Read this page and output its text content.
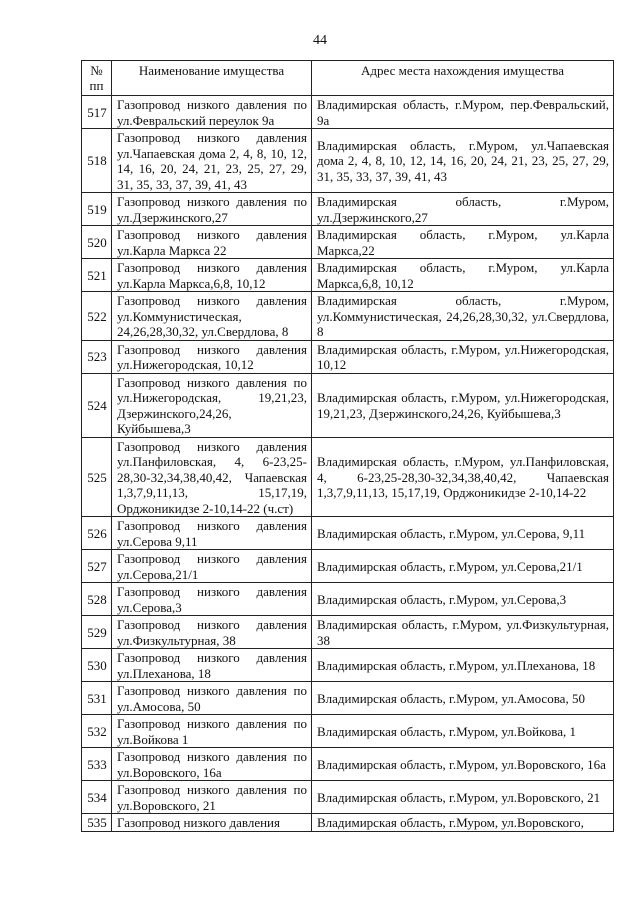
44
№ пп	Наименование имущества	Адрес места нахождения имущества
517	Газопровод низкого давления по ул.Февральский переулок 9а	Владимирская область, г.Муром, пер.Февральский, 9а
518	Газопровод низкого давления ул.Чапаевская дома 2, 4, 8, 10, 12, 14, 16, 20, 24, 21, 23, 25, 27, 29, 31, 35, 33, 37, 39, 41, 43	Владимирская область, г.Муром, ул.Чапаевская дома 2, 4, 8, 10, 12, 14, 16, 20, 24, 21, 23, 25, 27, 29, 31, 35, 33, 37, 39, 41, 43
519	Газопровод низкого давления по ул.Дзержинского,27	Владимирская область, г.Муром, ул.Дзержинского,27
520	Газопровод низкого давления ул.Карла Маркса 22	Владимирская область, г.Муром, ул.Карла Маркса,22
521	Газопровод низкого давления ул.Карла Маркса,6,8, 10,12	Владимирская область, г.Муром, ул.Карла Маркса,6,8, 10,12
522	Газопровод низкого давления ул.Коммунистическая, 24,26,28,30,32, ул.Свердлова, 8	Владимирская область, г.Муром, ул.Коммунистическая, 24,26,28,30,32, ул.Свердлова, 8
523	Газопровод низкого давления ул.Нижегородская, 10,12	Владимирская область, г.Муром, ул.Нижегородская, 10,12
524	Газопровод низкого давления по ул.Нижегородская, 19,21,23, Дзержинского,24,26, Куйбышева,3	Владимирская область, г.Муром, ул.Нижегородская, 19,21,23, Дзержинского,24,26, Куйбышева,3
525	Газопровод низкого давления ул.Панфиловская, 4, 6-23,25-28,30-32,34,38,40,42, Чапаевская 1,3,7,9,11,13, 15,17,19, Орджоникидзе 2-10,14-22 (ч.ст)	Владимирская область, г.Муром, ул.Панфиловская, 4, 6-23,25-28,30-32,34,38,40,42, Чапаевская 1,3,7,9,11,13, 15,17,19, Орджоникидзе 2-10,14-22
526	Газопровод низкого давления ул.Серова 9,11	Владимирская область, г.Муром, ул.Серова, 9,11
527	Газопровод низкого давления ул.Серова,21/1	Владимирская область, г.Муром, ул.Серова,21/1
528	Газопровод низкого давления ул.Серова,3	Владимирская область, г.Муром, ул.Серова,3
529	Газопровод низкого давления ул.Физкультурная, 38	Владимирская область, г.Муром, ул.Физкультурная, 38
530	Газопровод низкого давления ул.Плеханова, 18	Владимирская область, г.Муром, ул.Плеханова, 18
531	Газопровод низкого давления по ул.Амосова, 50	Владимирская область, г.Муром, ул.Амосова, 50
532	Газопровод низкого давления по ул.Войкова 1	Владимирская область, г.Муром, ул.Войкова, 1
533	Газопровод низкого давления по ул.Воровского, 16а	Владимирская область, г.Муром, ул.Воровского, 16а
534	Газопровод низкого давления по ул.Воровского, 21	Владимирская область, г.Муром, ул.Воровского, 21
535	Газопровод низкого давления	Владимирская область, г.Муром, ул.Воровского,
